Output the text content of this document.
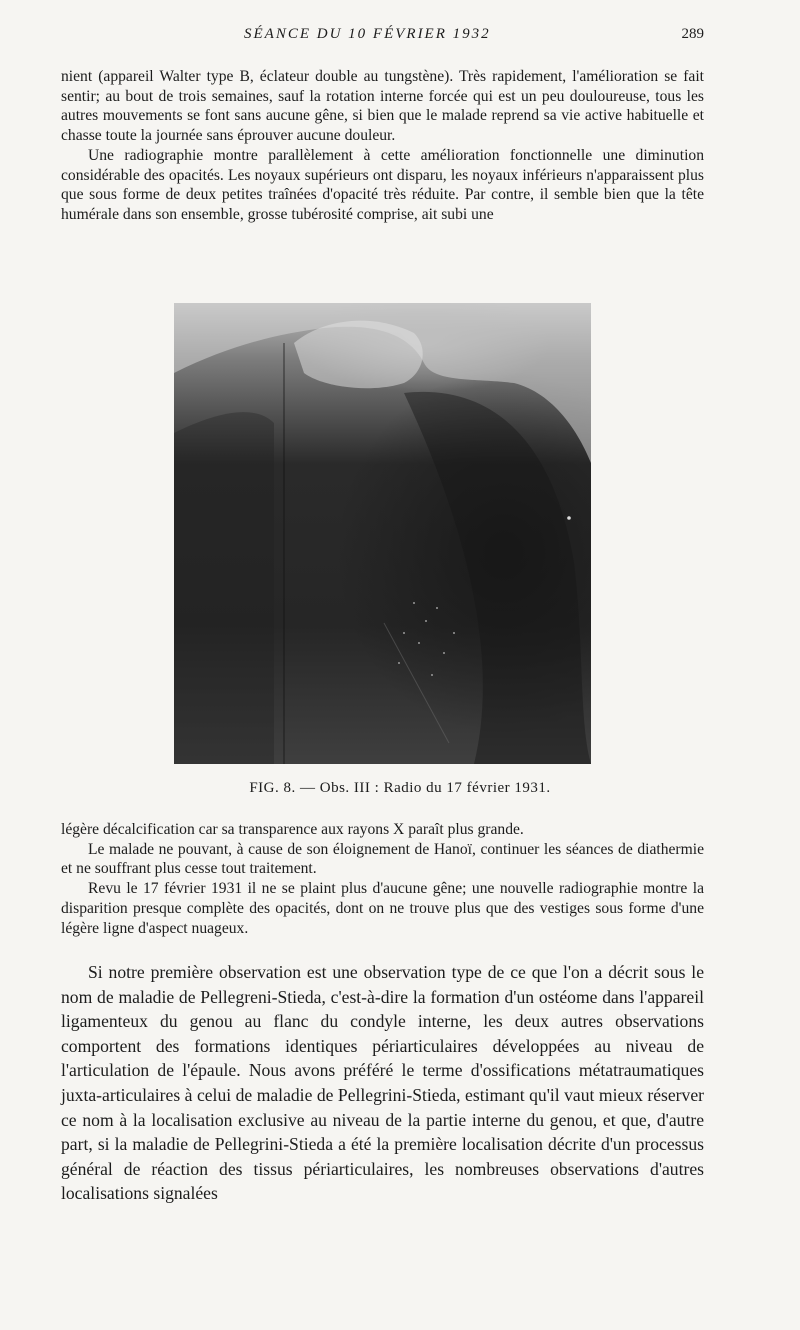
SÉANCE DU 10 FÉVRIER 1932	289

nient (appareil Walter type B, éclateur double au tungstène). Très rapidement, l'amélioration se fait sentir; au bout de trois semaines, sauf la rotation interne forcée qui est un peu douloureuse, tous les autres mouvements se font sans aucune gêne, si bien que le malade reprend sa vie active habituelle et chasse toute la journée sans éprouver aucune douleur.

Une radiographie montre parallèlement à cette amélioration fonctionnelle une diminution considérable des opacités. Les noyaux supérieurs ont disparu, les noyaux inférieurs n'apparaissent plus que sous forme de deux petites traînées d'opacité très réduite. Par contre, il semble bien que la tête humérale dans son ensemble, grosse tubérosité comprise, ait subi une

FIG. 8. — Obs. III : Radio du 17 février 1931.

légère décalcification car sa transparence aux rayons X paraît plus grande.

Le malade ne pouvant, à cause de son éloignement de Hanoï, continuer les séances de diathermie et ne souffrant plus cesse tout traitement.

Revu le 17 février 1931 il ne se plaint plus d'aucune gêne; une nouvelle radiographie montre la disparition presque complète des opacités, dont on ne trouve plus que des vestiges sous forme d'une légère ligne d'aspect nuageux.

Si notre première observation est une observation type de ce que l'on a décrit sous le nom de maladie de Pellegreni-Stieda, c'est-à-dire la formation d'un ostéome dans l'appareil ligamenteux du genou au flanc du condyle interne, les deux autres observations comportent des formations identiques périarticulaires développées au niveau de l'articulation de l'épaule. Nous avons préféré le terme d'ossifications métatraumatiques juxta-articulaires à celui de maladie de Pellegrini-Stieda, estimant qu'il vaut mieux réserver ce nom à la localisation exclusive au niveau de la partie interne du genou, et que, d'autre part, si la maladie de Pellegrini-Stieda a été la première localisation décrite d'un processus général de réaction des tissus périarticulaires, les nombreuses observations d'autres localisations signalées
